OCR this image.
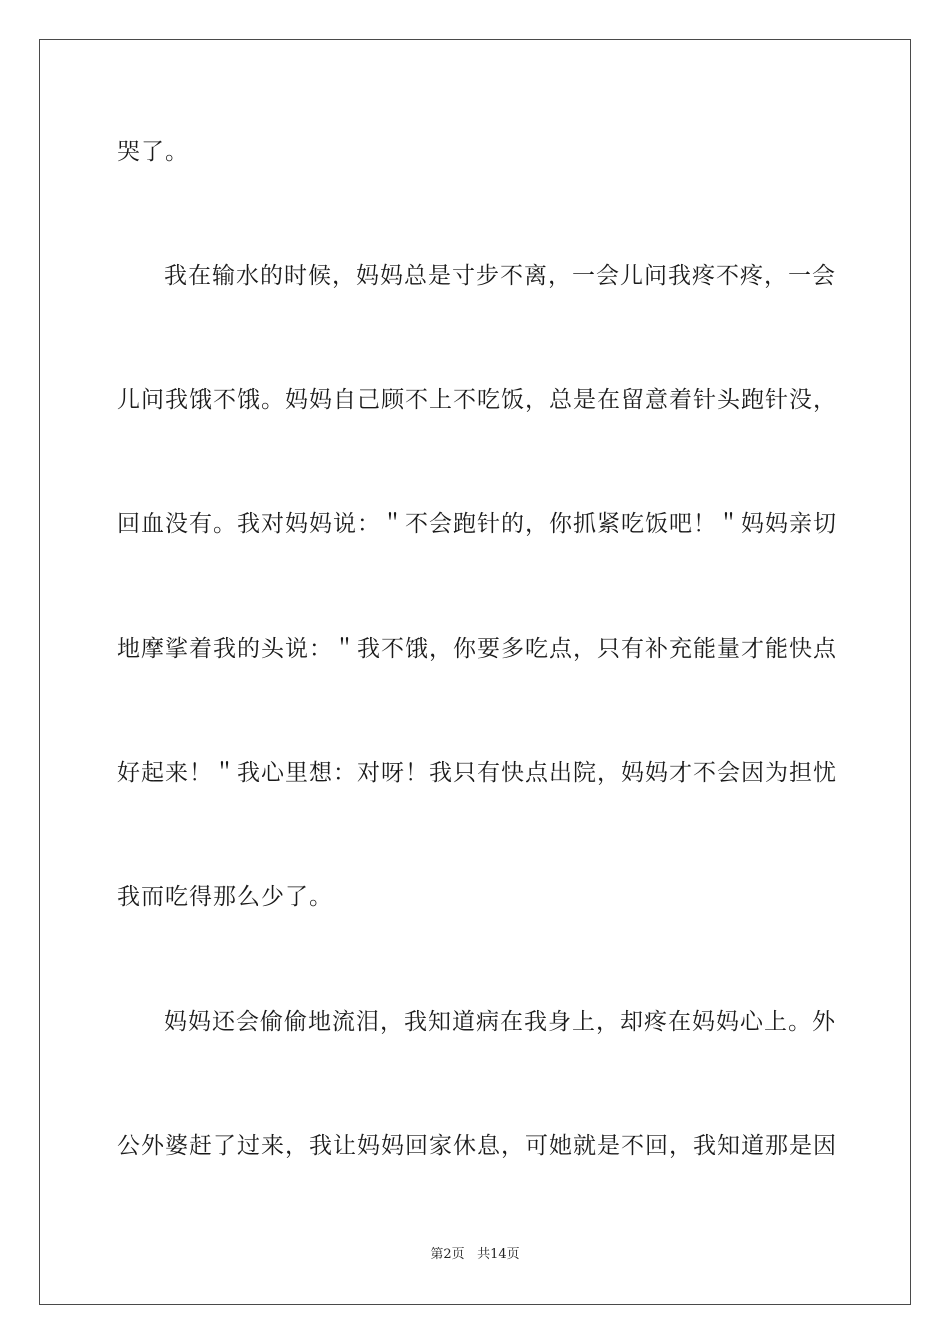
哭了。
我在输水的时候，妈妈总是寸步不离，一会儿问我疼不疼，一会
儿问我饿不饿。妈妈自己顾不上不吃饭，总是在留意着针头跑针没，
回血没有。我对妈妈说：＂不会跑针的，你抓紧吃饭吧！＂妈妈亲切
地摩挲着我的头说：＂我不饿，你要多吃点，只有补充能量才能快点
好起来！＂我心里想：对呀！我只有快点出院，妈妈才不会因为担忧
我而吃得那么少了。
妈妈还会偷偷地流泪，我知道病在我身上，却疼在妈妈心上。外
公外婆赶了过来，我让妈妈回家休息，可她就是不回，我知道那是因
第2页 共14页
